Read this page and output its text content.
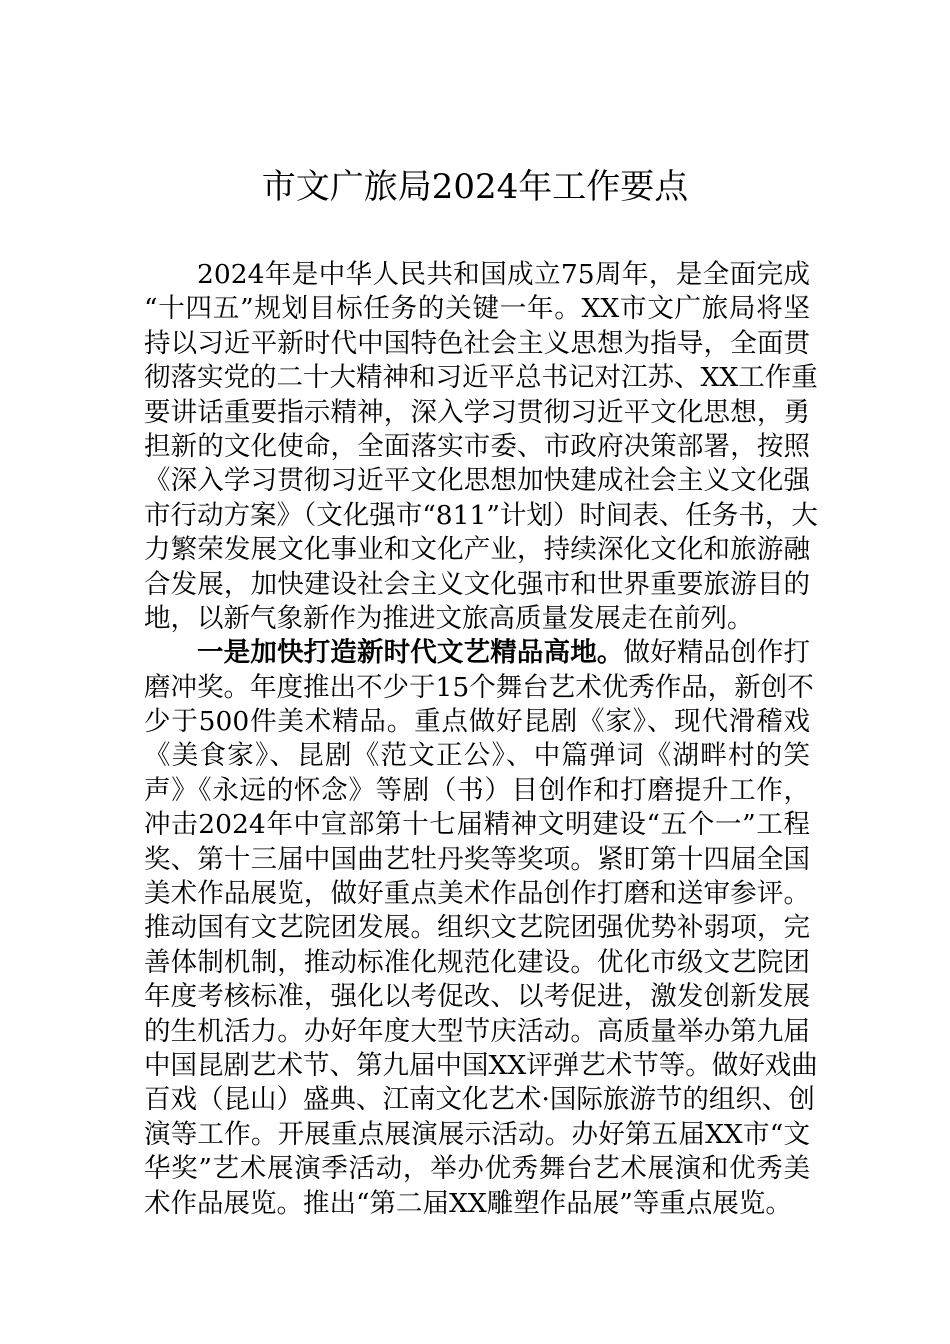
市文广旅局2024年工作要点
2024年是中华人民共和国成立75周年，是全面完成
“十四五”规划目标任务的关键一年。XX市文广旅局将坚
持以习近平新时代中国特色社会主义思想为指导，全面贯
彻落实党的二十大精神和习近平总书记对江苏、XX工作重
要讲话重要指示精神，深入学习贯彻习近平文化思想，勇
担新的文化使命，全面落实市委、市政府决策部署，按照
《深入学习贯彻习近平文化思想加快建成社会主义文化强
市行动方案》（文化强市“811”计划）时间表、任务书，大
力繁荣发展文化事业和文化产业，持续深化文化和旅游融
合发展，加快建设社会主义文化强市和世界重要旅游目的
地，以新气象新作为推进文旅高质量发展走在前列。
一是加快打造新时代文艺精品高地。做好精品创作打
磨冲奖。年度推出不少于15个舞台艺术优秀作品，新创不
少于500件美术精品。重点做好昆剧《家》、现代滑稽戏
《美食家》、昆剧《范文正公》、中篇弹词《湖畔村的笑
声》《永远的怀念》等剧（书）目创作和打磨提升工作，
冲击2024年中宣部第十七届精神文明建设“五个一”工程
奖、第十三届中国曲艺牡丹奖等奖项。紧盯第十四届全国
美术作品展览，做好重点美术作品创作打磨和送审参评。
推动国有文艺院团发展。组织文艺院团强优势补弱项，完
善体制机制，推动标准化规范化建设。优化市级文艺院团
年度考核标准，强化以考促改、以考促进，激发创新发展
的生机活力。办好年度大型节庆活动。高质量举办第九届
中国昆剧艺术节、第九届中国XX评弹艺术节等。做好戏曲
百戏（昆山）盛典、江南文化艺术·国际旅游节的组织、创
演等工作。开展重点展演展示活动。办好第五届XX市“文
华奖”艺术展演季活动，举办优秀舞台艺术展演和优秀美
术作品展览。推出“第二届XX雕塑作品展”等重点展览。
